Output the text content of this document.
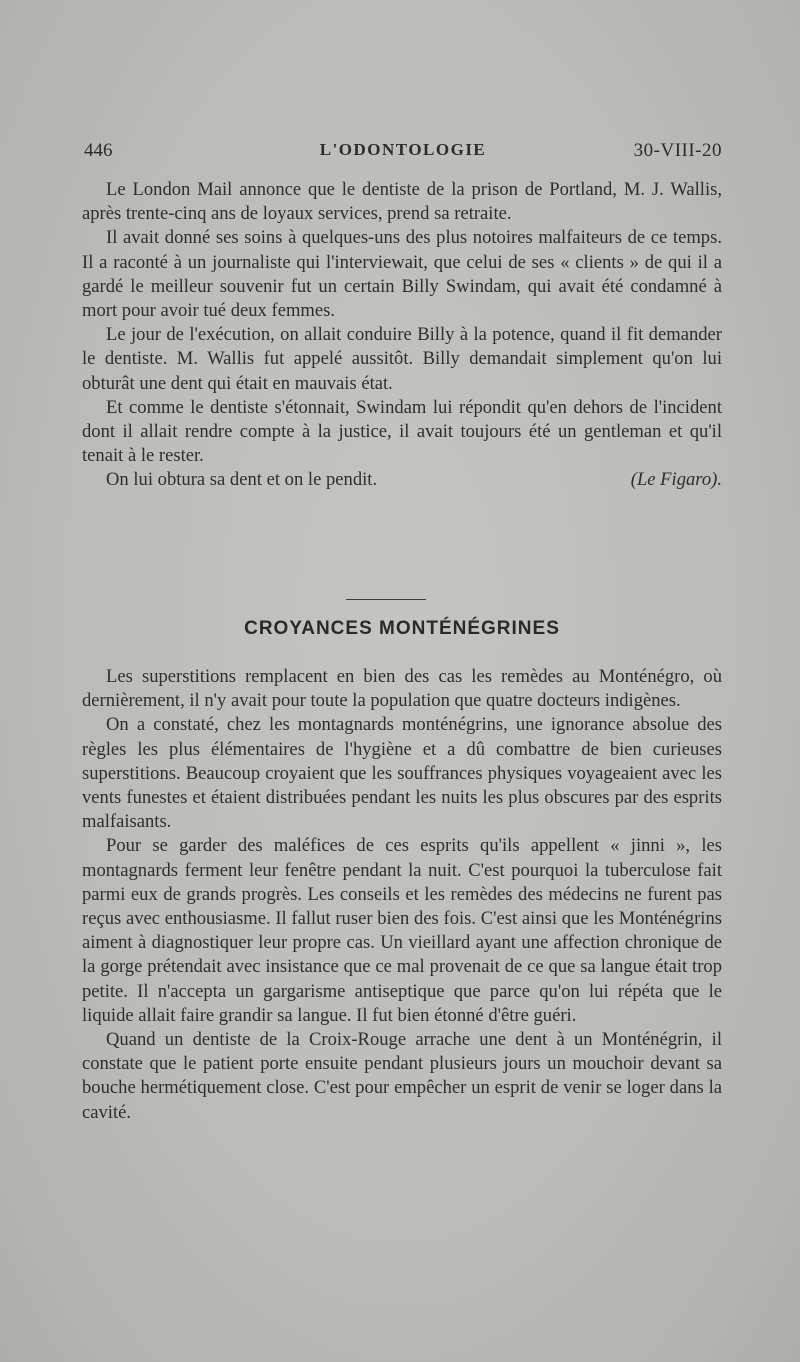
446	L'ODONTOLOGIE	30-VIII-20

Le London Mail annonce que le dentiste de la prison de Portland, M. J. Wallis, après trente-cinq ans de loyaux services, prend sa retraite.

Il avait donné ses soins à quelques-uns des plus notoires malfaiteurs de ce temps. Il a raconté à un journaliste qui l'interviewait, que celui de ses « clients » de qui il a gardé le meilleur souvenir fut un certain Billy Swindam, qui avait été condamné à mort pour avoir tué deux femmes.

Le jour de l'exécution, on allait conduire Billy à la potence, quand il fit demander le dentiste. M. Wallis fut appelé aussitôt. Billy demandait simplement qu'on lui obturât une dent qui était en mauvais état.

Et comme le dentiste s'étonnait, Swindam lui répondit qu'en dehors de l'incident dont il allait rendre compte à la justice, il avait toujours été un gentleman et qu'il tenait à le rester.

On lui obtura sa dent et on le pendit.	(Le Figaro).

CROYANCES MONTÉNÉGRINES

Les superstitions remplacent en bien des cas les remèdes au Monténégro, où dernièrement, il n'y avait pour toute la population que quatre docteurs indigènes.

On a constaté, chez les montagnards monténégrins, une ignorance absolue des règles les plus élémentaires de l'hygiène et a dû combattre de bien curieuses superstitions. Beaucoup croyaient que les souffrances physiques voyageaient avec les vents funestes et étaient distribuées pendant les nuits les plus obscures par des esprits malfaisants.

Pour se garder des maléfices de ces esprits qu'ils appellent « jinni », les montagnards ferment leur fenêtre pendant la nuit. C'est pourquoi la tuberculose fait parmi eux de grands progrès. Les conseils et les remèdes des médecins ne furent pas reçus avec enthousiasme. Il fallut ruser bien des fois. C'est ainsi que les Monténégrins aiment à diagnostiquer leur propre cas. Un vieillard ayant une affection chronique de la gorge prétendait avec insistance que ce mal provenait de ce que sa langue était trop petite. Il n'accepta un gargarisme antiseptique que parce qu'on lui répéta que le liquide allait faire grandir sa langue. Il fut bien étonné d'être guéri.

Quand un dentiste de la Croix-Rouge arrache une dent à un Monténégrin, il constate que le patient porte ensuite pendant plusieurs jours un mouchoir devant sa bouche hermétiquement close. C'est pour empêcher un esprit de venir se loger dans la cavité.
